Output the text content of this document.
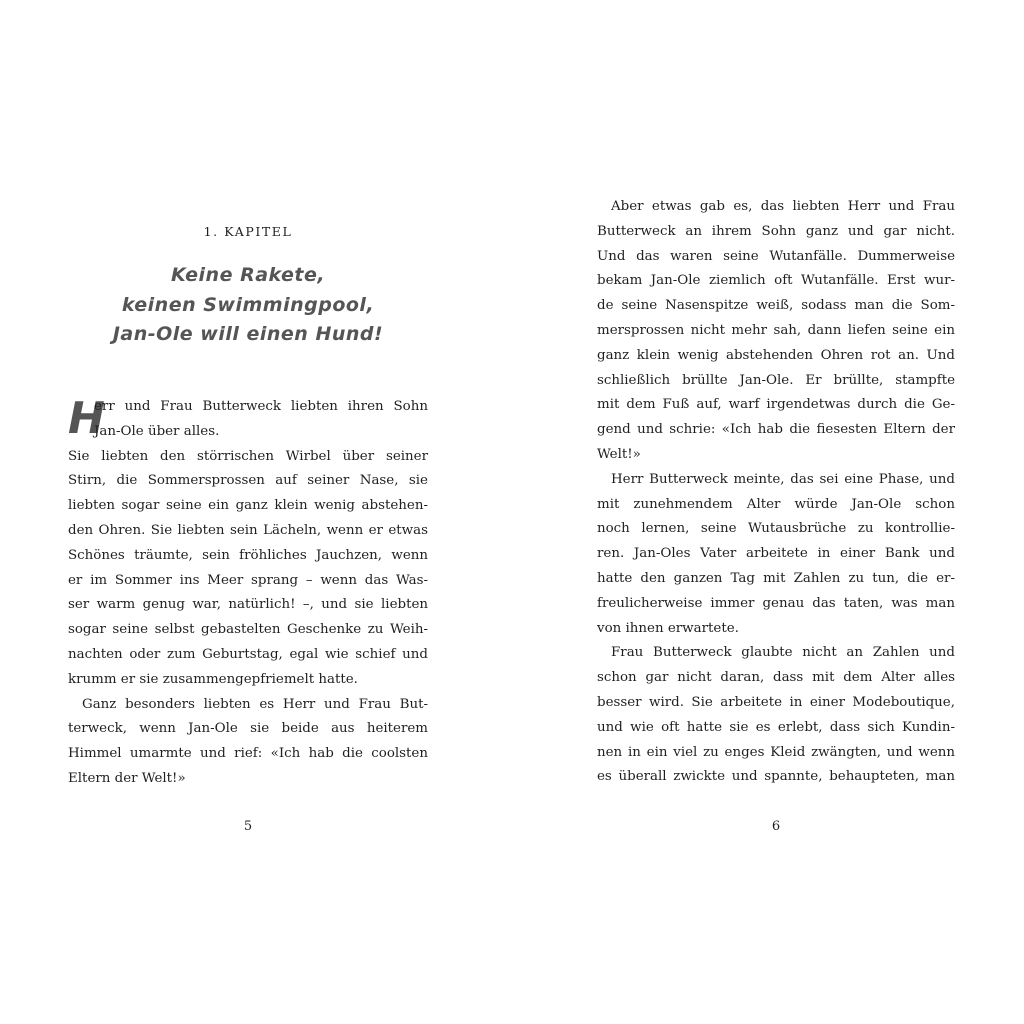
1. KAPITEL
Keine Rakete,
keinen Swimmingpool,
Jan-Ole will einen Hund!
H
err und Frau Butterweck liebten ihren Sohn
Jan-Ole über alles.
Sie liebten den störrischen Wirbel über seiner
Stirn, die Sommersprossen auf seiner Nase, sie
liebten sogar seine ein ganz klein wenig abstehen-
den Ohren. Sie liebten sein Lächeln, wenn er etwas
Schönes träumte, sein fröhliches Jauchzen, wenn
er im Sommer ins Meer sprang – wenn das Was-
ser warm genug war, natürlich! –, und sie liebten
sogar seine selbst gebastelten Geschenke zu Weih-
nachten oder zum Geburtstag, egal wie schief und
krumm er sie zusammengepfriemelt hatte.
Ganz besonders liebten es Herr und Frau But-
terweck, wenn Jan-Ole sie beide aus heiterem
Himmel umarmte und rief: «Ich hab die coolsten
Eltern der Welt!»
5
Aber etwas gab es, das liebten Herr und Frau
Butterweck an ihrem Sohn ganz und gar nicht.
Und das waren seine Wutanfälle. Dummerweise
bekam Jan-Ole ziemlich oft Wutanfälle. Erst wur-
de seine Nasenspitze weiß, sodass man die Som-
mersprossen nicht mehr sah, dann liefen seine ein
ganz klein wenig abstehenden Ohren rot an. Und
schließlich brüllte Jan-Ole. Er brüllte, stampfte
mit dem Fuß auf, warf irgendetwas durch die Ge-
gend und schrie: «Ich hab die fiesesten Eltern der
Welt!»
Herr Butterweck meinte, das sei eine Phase, und
mit zunehmendem Alter würde Jan-Ole schon
noch lernen, seine Wutausbrüche zu kontrollie-
ren. Jan-Oles Vater arbeitete in einer Bank und
hatte den ganzen Tag mit Zahlen zu tun, die er-
freulicherweise immer genau das taten, was man
von ihnen erwartete.
Frau Butterweck glaubte nicht an Zahlen und
schon gar nicht daran, dass mit dem Alter alles
besser wird. Sie arbeitete in einer Modeboutique,
und wie oft hatte sie es erlebt, dass sich Kundin-
nen in ein viel zu enges Kleid zwängten, und wenn
es überall zwickte und spannte, behaupteten, man
6
